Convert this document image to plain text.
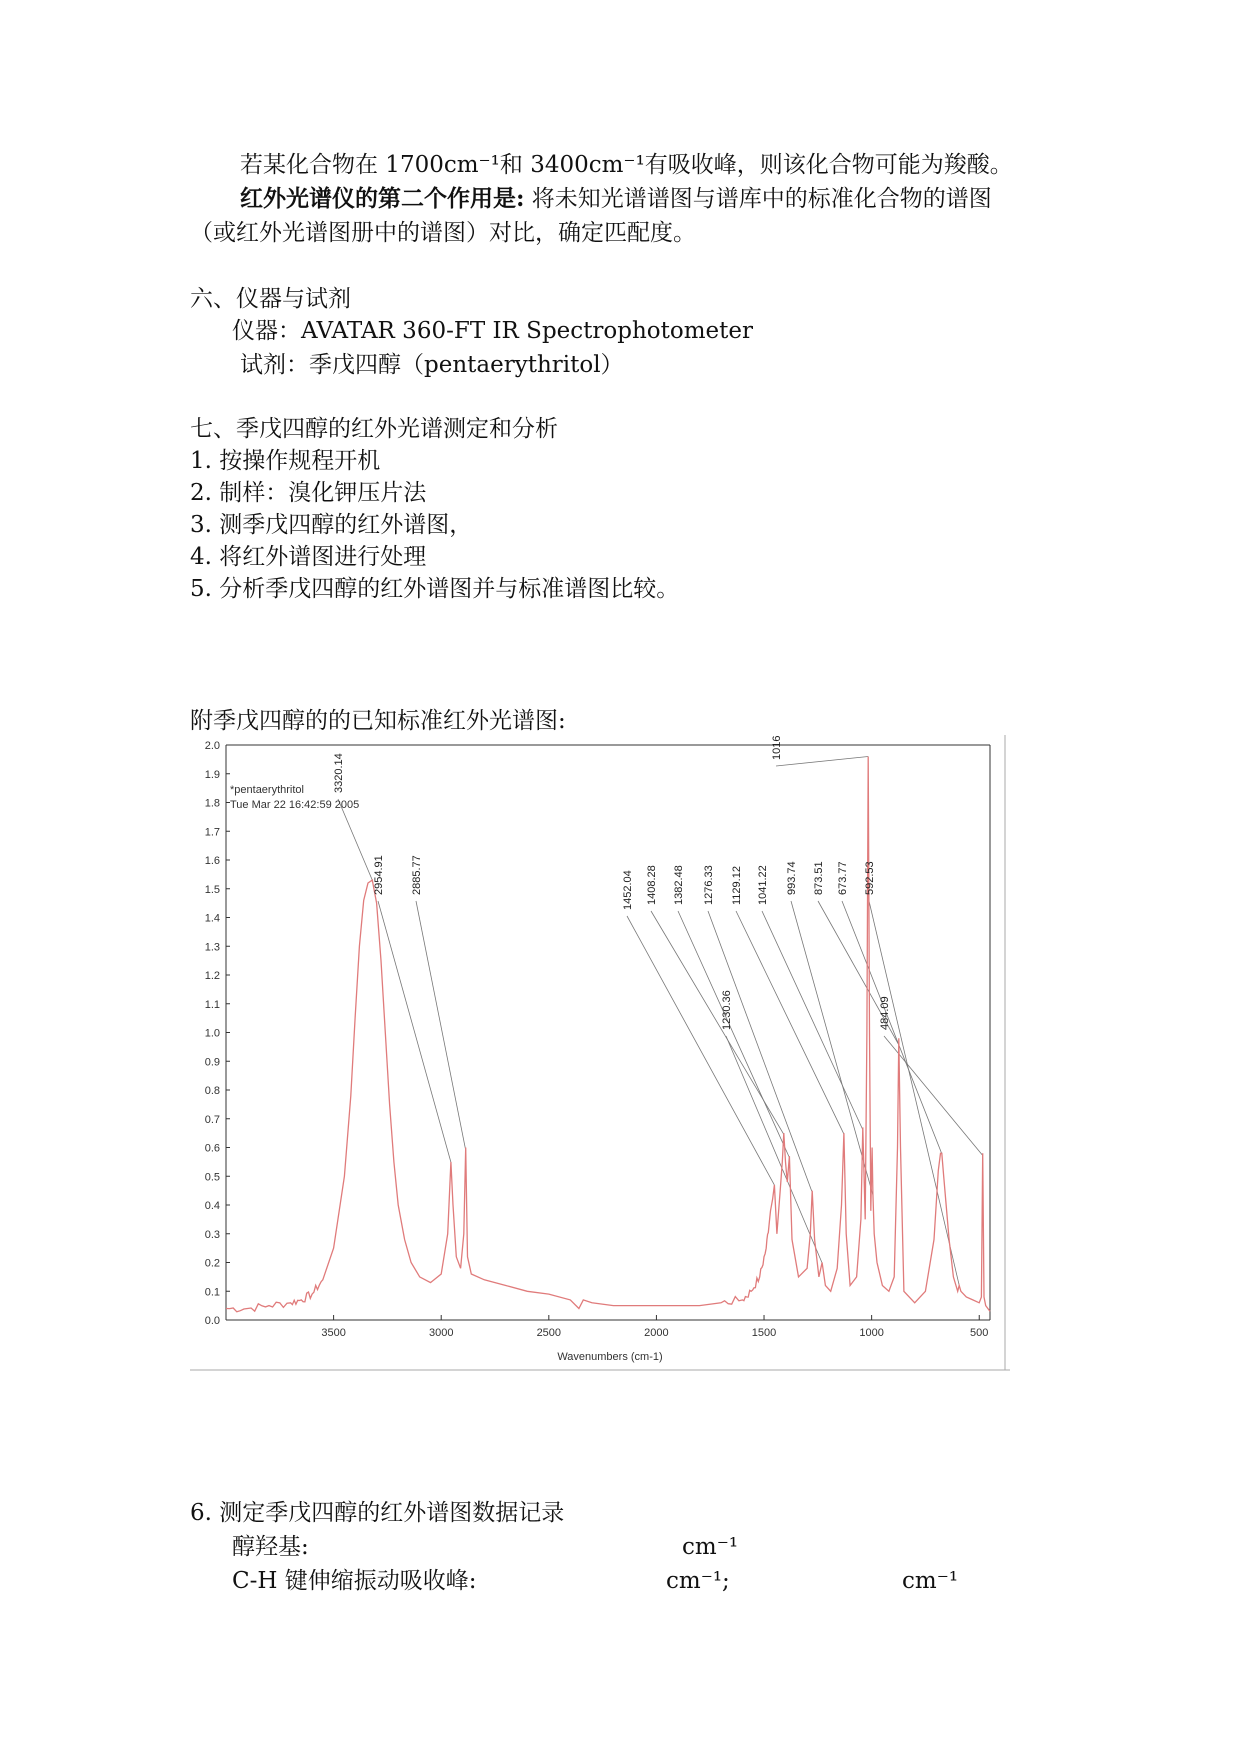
若某化合物在 1700cm⁻¹和 3400cm⁻¹有吸收峰，则该化合物可能为羧酸。
红外光谱仪的第二个作用是: 将未知光谱谱图与谱库中的标准化合物的谱图
（或红外光谱图册中的谱图）对比，确定匹配度。
六、仪器与试剂
仪器：AVATAR 360-FT IR Spectrophotometer
试剂：季戊四醇（pentaerythritol）
七、季戊四醇的红外光谱测定和分析
1. 按操作规程开机
2. 制样：溴化钾压片法
3. 测季戊四醇的红外谱图，
4. 将红外谱图进行处理
5. 分析季戊四醇的红外谱图并与标准谱图比较。
附季戊四醇的的已知标准红外光谱图:
0.0
0.1
0.2
0.3
0.4
0.5
0.6
0.7
0.8
0.9
1.0
1.1
1.2
1.3
1.4
1.5
1.6
1.7
1.8
1.9
2.0
3500	3000	2500	2000	1500	1000	500
3320.14
2954.91 2885.77	1452.04 1408.28 1382.48 1276.33
1230.36
1129.12 1041.22
1016
993.74 873.51 673.77 592.53
484.09
*pentaerythritol
Tue Mar 22 16:42:59 2005
Wavenumbers (cm-1)
6. 测定季戊四醇的红外谱图数据记录
醇羟基:	cm⁻¹
C-H 键伸缩振动吸收峰:	cm⁻¹;	cm⁻¹
